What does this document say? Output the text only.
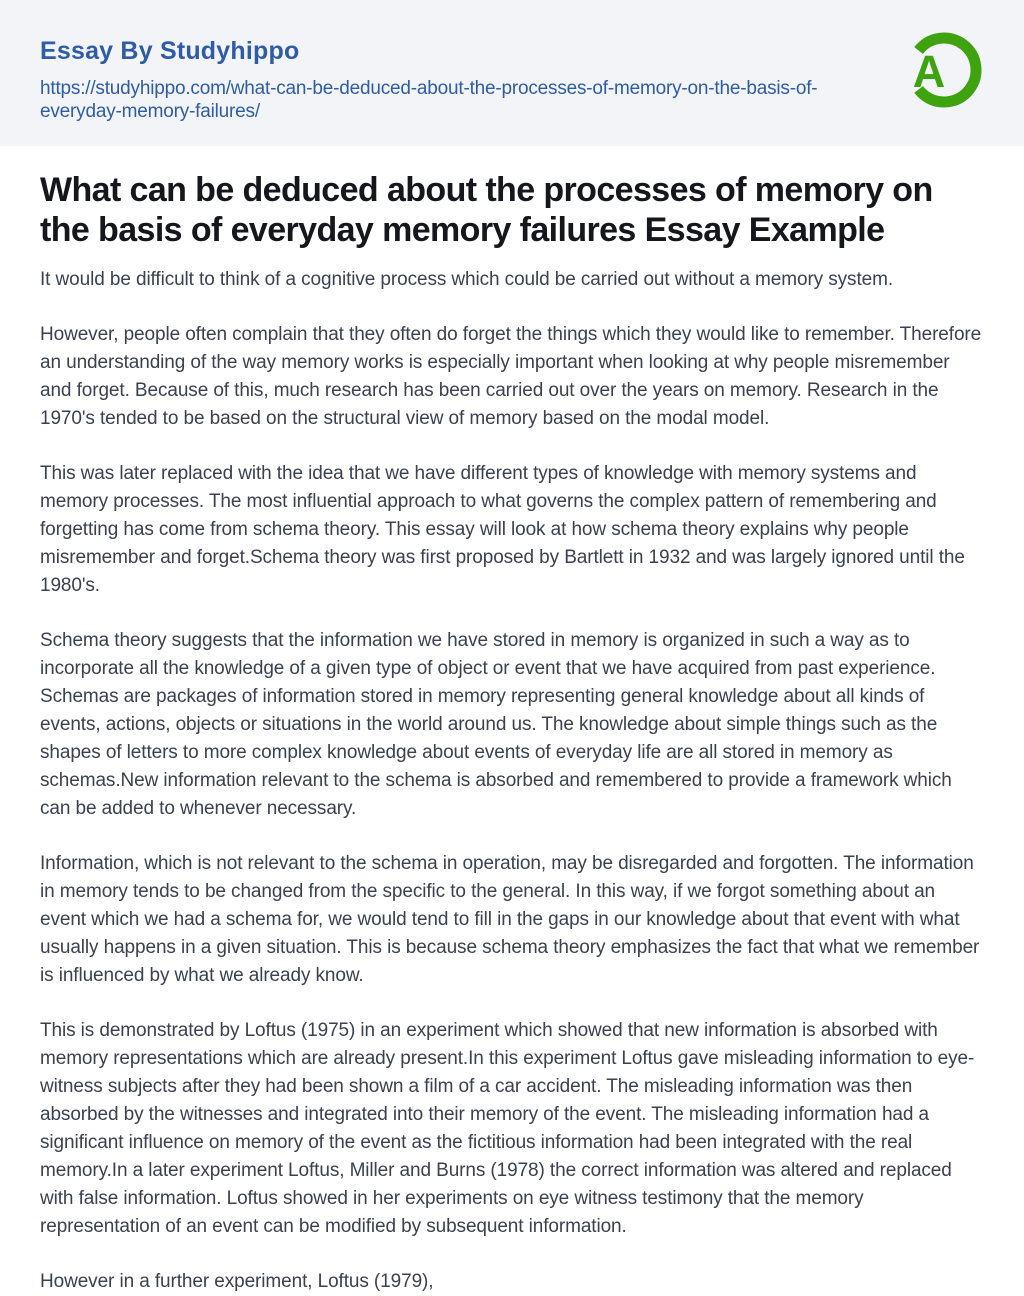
Essay By Studyhippo
https://studyhippo.com/what-can-be-deduced-about-the-processes-of-memory-on-the-basis-of-everyday-memory-failures/
A
What can be deduced about the processes of memory on the basis of everyday memory failures Essay Example

It would be difficult to think of a cognitive process which could be carried out without a memory system.

However, people often complain that they often do forget the things which they would like to remember. Therefore an understanding of the way memory works is especially important when looking at why people misremember and forget. Because of this, much research has been carried out over the years on memory. Research in the 1970's tended to be based on the structural view of memory based on the modal model.

This was later replaced with the idea that we have different types of knowledge with memory systems and memory processes. The most influential approach to what governs the complex pattern of remembering and forgetting has come from schema theory. This essay will look at how schema theory explains why people misremember and forget.Schema theory was first proposed by Bartlett in 1932 and was largely ignored until the 1980's.

Schema theory suggests that the information we have stored in memory is organized in such a way as to incorporate all the knowledge of a given type of object or event that we have acquired from past experience. Schemas are packages of information stored in memory representing general knowledge about all kinds of events, actions, objects or situations in the world around us. The knowledge about simple things such as the shapes of letters to more complex knowledge about events of everyday life are all stored in memory as schemas.New information relevant to the schema is absorbed and remembered to provide a framework which can be added to whenever necessary.

Information, which is not relevant to the schema in operation, may be disregarded and forgotten. The information in memory tends to be changed from the specific to the general. In this way, if we forgot something about an event which we had a schema for, we would tend to fill in the gaps in our knowledge about that event with what usually happens in a given situation. This is because schema theory emphasizes the fact that what we remember is influenced by what we already know.

This is demonstrated by Loftus (1975) in an experiment which showed that new information is absorbed with memory representations which are already present.In this experiment Loftus gave misleading information to eye-witness subjects after they had been shown a film of a car accident. The misleading information was then absorbed by the witnesses and integrated into their memory of the event. The misleading information had a significant influence on memory of the event as the fictitious information had been integrated with the real memory.In a later experiment Loftus, Miller and Burns (1978) the correct information was altered and replaced with false information. Loftus showed in her experiments on eye witness testimony that the memory representation of an event can be modified by subsequent information.

However in a further experiment, Loftus (1979),
